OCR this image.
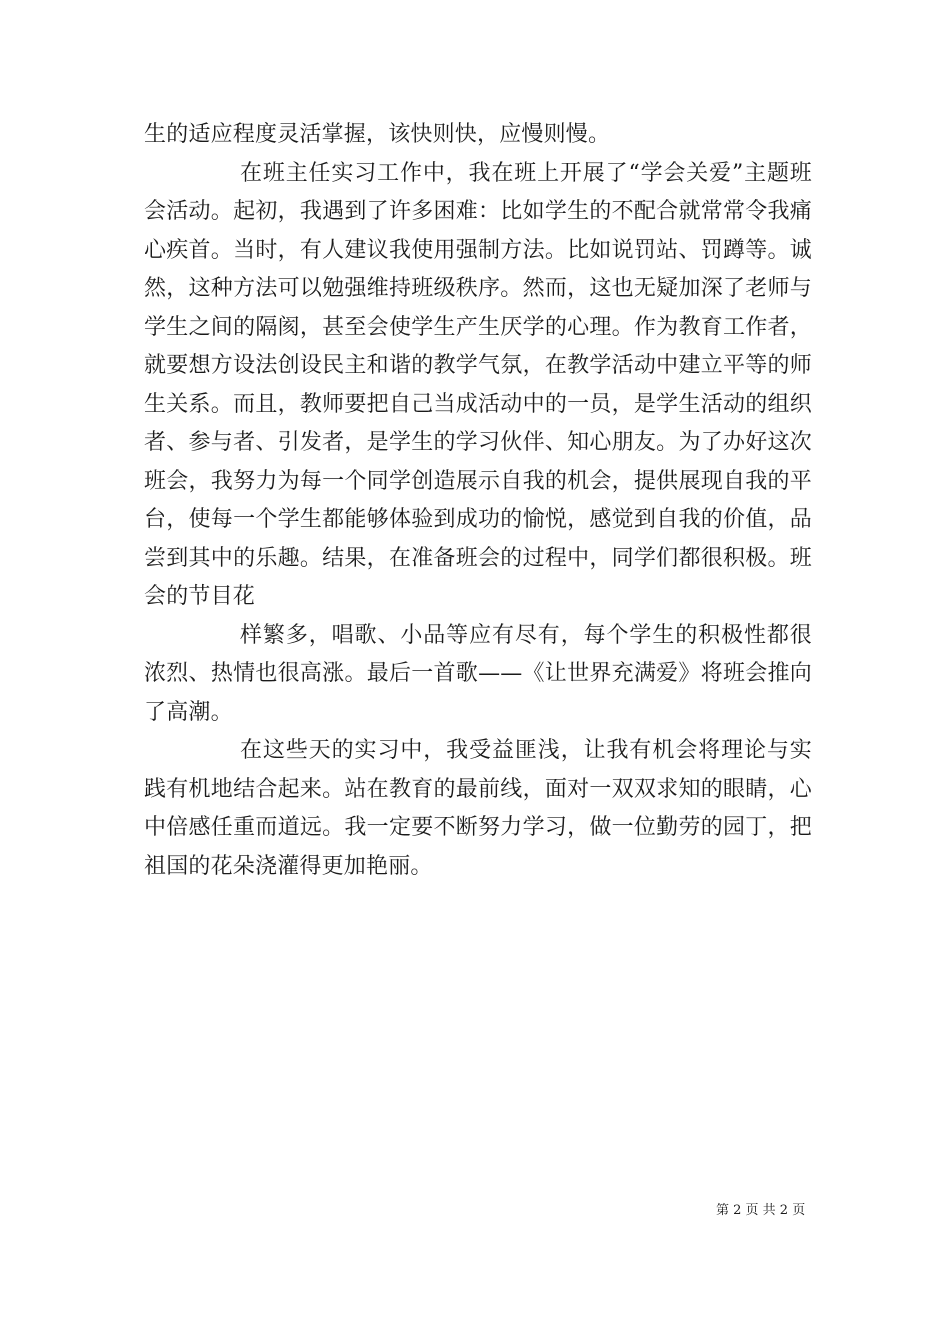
生的适应程度灵活掌握，该快则快，应慢则慢。

在班主任实习工作中，我在班上开展了“学会关爱”主题班会活动。起初，我遇到了许多困难：比如学生的不配合就常常令我痛心疾首。当时，有人建议我使用强制方法。比如说罚站、罚蹲等。诚然，这种方法可以勉强维持班级秩序。然而，这也无疑加深了老师与学生之间的隔阂，甚至会使学生产生厌学的心理。作为教育工作者，就要想方设法创设民主和谐的教学气氛，在教学活动中建立平等的师生关系。而且，教师要把自己当成活动中的一员，是学生活动的组织者、参与者、引发者，是学生的学习伙伴、知心朋友。为了办好这次班会，我努力为每一个同学创造展示自我的机会，提供展现自我的平台，使每一个学生都能够体验到成功的愉悦，感觉到自我的价值，品尝到其中的乐趣。结果，在准备班会的过程中，同学们都很积极。班会的节目花

样繁多，唱歌、小品等应有尽有，每个学生的积极性都很浓烈、热情也很高涨。最后一首歌——《让世界充满爱》将班会推向了高潮。

在这些天的实习中，我受益匪浅，让我有机会将理论与实践有机地结合起来。站在教育的最前线，面对一双双求知的眼睛，心中倍感任重而道远。我一定要不断努力学习，做一位勤劳的园丁，把祖国的花朵浇灌得更加艳丽。

第 2 页 共 2 页
